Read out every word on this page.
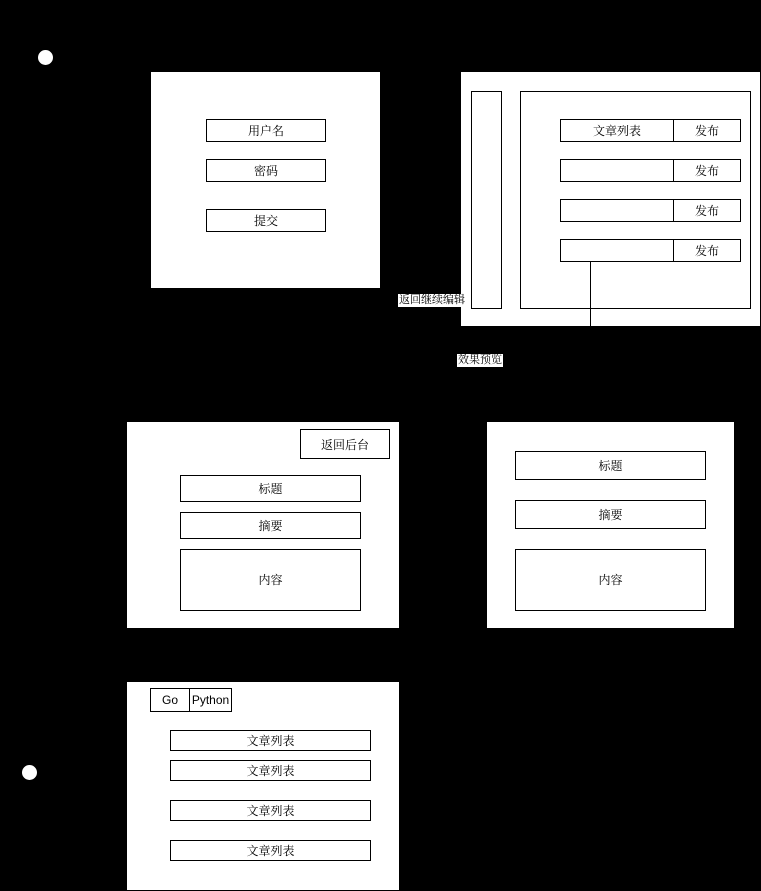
用户名
密码
提交
文章列表	发布
发布
发布
发布
返回继续编辑
效果预览
返回后台
标题
摘要
内容
标题
摘要
内容
Go	Python
文章列表
文章列表
文章列表
文章列表
